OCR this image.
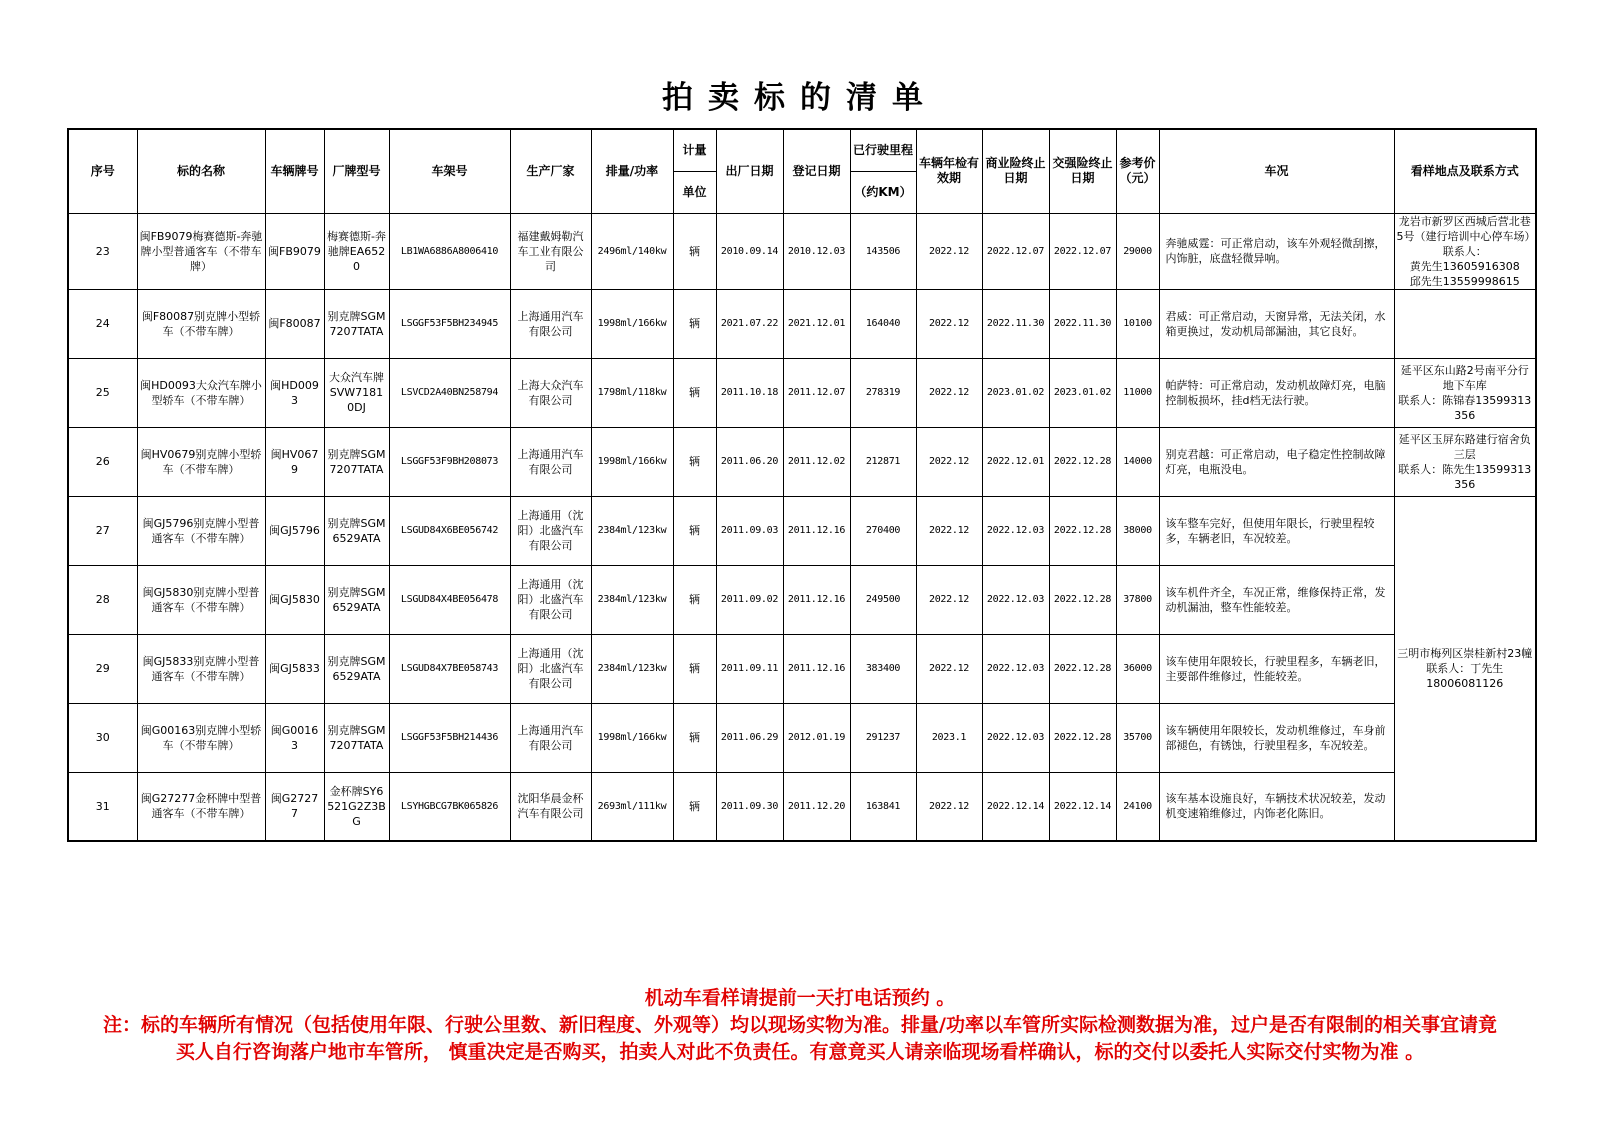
拍卖标的清单
序号	标的名称	车辆牌号	厂牌型号	车架号	生产厂家	排量/功率	计量	出厂日期	登记日期	已行驶里程	车辆年检有效期	商业险终止日期	交强险终止日期	参考价（元）	车况	看样地点及联系方式
							单位			（约KM）						
23	闽FB9079梅赛德斯-奔驰牌小型普通客车（不带车牌）	闽FB9079	梅赛德斯-奔驰牌EA6520	LB1WA6886A8006410	福建戴姆勒汽车工业有限公司	2496ml/140kw	辆	2010.09.14	2010.12.03	143506	2022.12	2022.12.07	2022.12.07	29000	奔驰威霆：可正常启动，该车外观轻微刮擦，内饰脏，底盘轻微异响。	龙岩市新罗区西城后营北巷5号（建行培训中心停车场）
联系人：
黄先生13605916308
邱先生13559998615

24	闽F80087别克牌小型轿车（不带车牌）	闽F80087	别克牌SGM7207TATA	LSGGF53F5BH234945	上海通用汽车有限公司	1998ml/166kw	辆	2021.07.22	2021.12.01	164040	2022.12	2022.11.30	2022.11.30	10100	君威：可正常启动，天窗异常，无法关闭，水箱更换过，发动机局部漏油，其它良好。	
25	闽HD0093大众汽车牌小型轿车（不带车牌）	闽HD0093	大众汽车牌SVW71810DJ	LSVCD2A40BN258794	上海大众汽车有限公司	1798ml/118kw	辆	2011.10.18	2011.12.07	278319	2022.12	2023.01.02	2023.01.02	11000	帕萨特：可正常启动，发动机故障灯亮，电脑控制板损坏，挂d档无法行驶。	延平区东山路2号南平分行地下车库
联系人：陈锦春13599313356

26	闽HV0679别克牌小型轿车（不带车牌）	闽HV0679	别克牌SGM7207TATA	LSGGF53F9BH208073	上海通用汽车有限公司	1998ml/166kw	辆	2011.06.20	2011.12.02	212871	2022.12	2022.12.01	2022.12.28	14000	别克君越：可正常启动，电子稳定性控制故障灯亮，电瓶没电。	延平区玉屏东路建行宿舍负三层
联系人：陈先生13599313356

27	闽GJ5796别克牌小型普通客车（不带车牌）	闽GJ5796	别克牌SGM6529ATA	LSGUD84X6BE056742	上海通用（沈阳）北盛汽车有限公司	2384ml/123kw	辆	2011.09.03	2011.12.16	270400	2022.12	2022.12.03	2022.12.28	38000	该车整车完好，但使用年限长，行驶里程较多，车辆老旧，车况较差。	三明市梅列区崇桂新村23幢
联系人：丁先生
18006081126

28	闽GJ5830别克牌小型普通客车（不带车牌）	闽GJ5830	别克牌SGM6529ATA	LSGUD84X4BE056478	上海通用（沈阳）北盛汽车有限公司	2384ml/123kw	辆	2011.09.02	2011.12.16	249500	2022.12	2022.12.03	2022.12.28	37800	该车机件齐全，车况正常，维修保持正常，发动机漏油，整车性能较差。	
29	闽GJ5833别克牌小型普通客车（不带车牌）	闽GJ5833	别克牌SGM6529ATA	LSGUD84X7BE058743	上海通用（沈阳）北盛汽车有限公司	2384ml/123kw	辆	2011.09.11	2011.12.16	383400	2022.12	2022.12.03	2022.12.28	36000	该车使用年限较长，行驶里程多，车辆老旧，主要部件维修过，性能较差。	
30	闽G00163别克牌小型轿车（不带车牌）	闽G00163	别克牌SGM7207TATA	LSGGF53F5BH214436	上海通用汽车有限公司	1998ml/166kw	辆	2011.06.29	2012.01.19	291237	2023.1	2022.12.03	2022.12.28	35700	该车辆使用年限较长，发动机维修过，车身前部褪色，有锈蚀，行驶里程多，车况较差。	
31	闽G27277金杯牌中型普通客车（不带车牌）	闽G27277	金杯牌SY6521G2Z3BG	LSYHGBCG7BK065826	沈阳华晨金杯汽车有限公司	2693ml/111kw	辆	2011.09.30	2011.12.20	163841	2022.12	2022.12.14	2022.12.14	24100	该车基本设施良好，车辆技术状况较差，发动机变速箱维修过，内饰老化陈旧。	
机动车看样请提前一天打电话预约 。
注：标的车辆所有情况（包括使用年限、行驶公里数、新旧程度、外观等）均以现场实物为准。排量/功率以车管所实际检测数据为准，过户是否有限制的相关事宜请竟买人自行咨询落户地市车管所， 慎重决定是否购买，拍卖人对此不负责任。有意竟买人请亲临现场看样确认，标的交付以委托人实际交付实物为准 。
